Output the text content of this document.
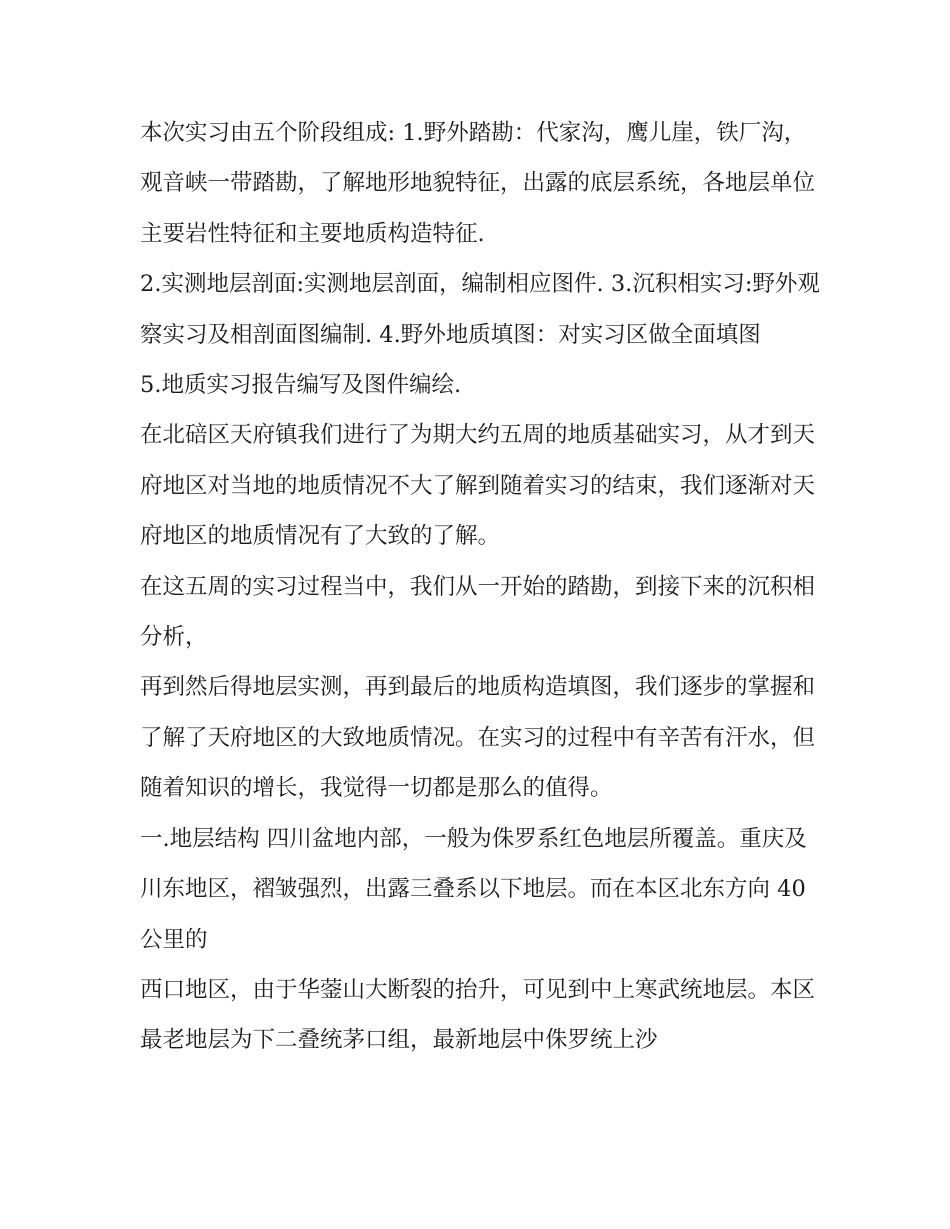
本次实习由五个阶段组成: 1.野外踏勘：代家沟，鹰儿崖，铁厂沟，观音峡一带踏勘，了解地形地貌特征，出露的底层系统，各地层单位主要岩性特征和主要地质构造特征.

2.实测地层剖面:实测地层剖面，编制相应图件. 3.沉积相实习:野外观察实习及相剖面图编制. 4.野外地质填图：对实习区做全面填图

5.地质实习报告编写及图件编绘.

在北碚区天府镇我们进行了为期大约五周的地质基础实习，从才到天府地区对当地的地质情况不大了解到随着实习的结束，我们逐渐对天府地区的地质情况有了大致的了解。

在这五周的实习过程当中，我们从一开始的踏勘，到接下来的沉积相分析，

再到然后得地层实测，再到最后的地质构造填图，我们逐步的掌握和了解了天府地区的大致地质情况。在实习的过程中有辛苦有汗水，但随着知识的增长，我觉得一切都是那么的值得。

一.地层结构 四川盆地内部，一般为侏罗系红色地层所覆盖。重庆及川东地区，褶皱强烈，出露三叠系以下地层。而在本区北东方向 40 公里的

西口地区，由于华蓥山大断裂的抬升，可见到中上寒武统地层。本区最老地层为下二叠统茅口组，最新地层中侏罗统上沙
